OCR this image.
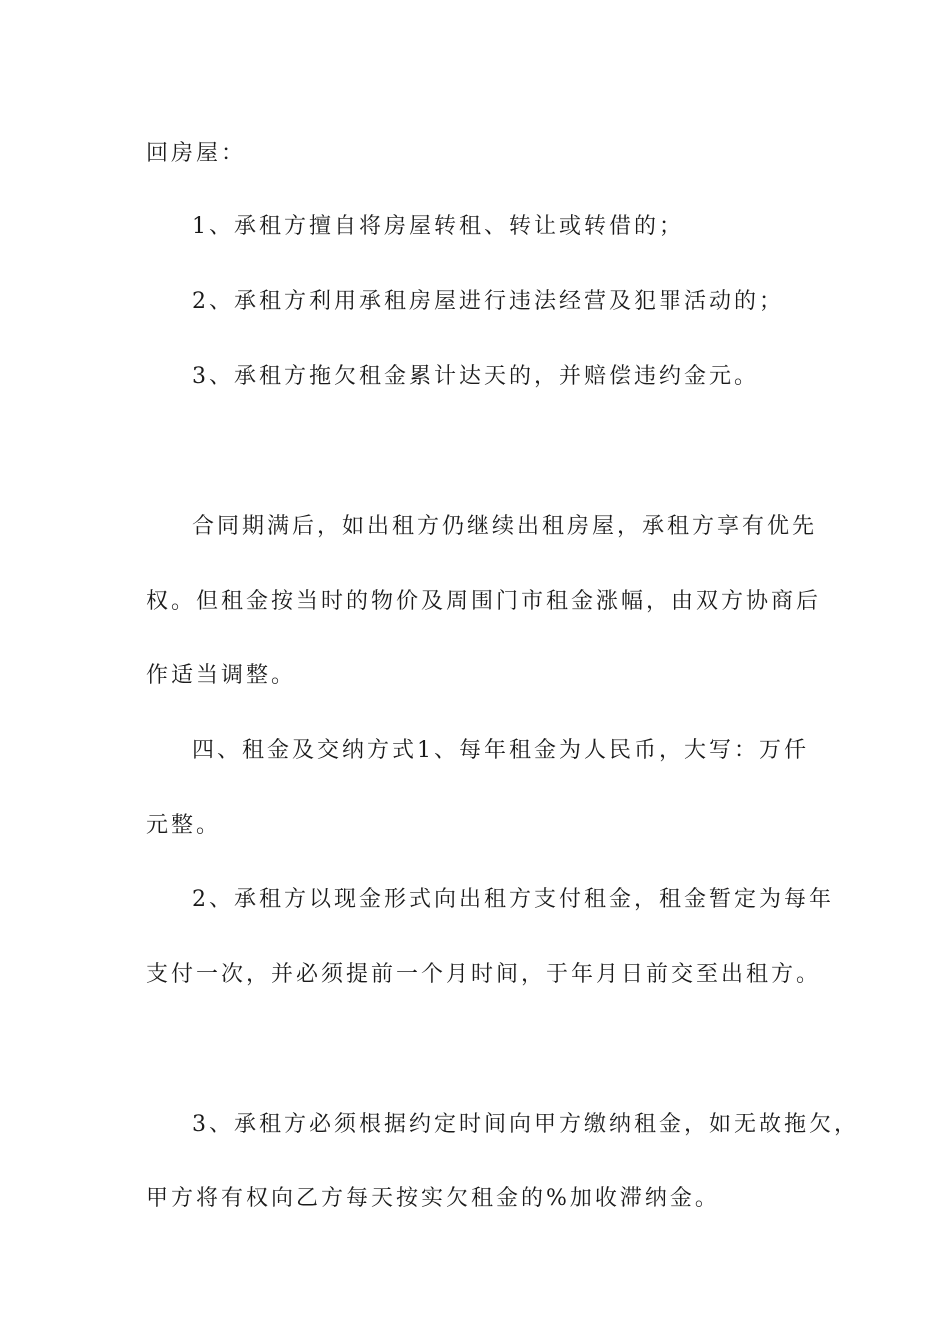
回房屋：
1、承租方擅自将房屋转租、转让或转借的；
2、承租方利用承租房屋进行违法经营及犯罪活动的；
3、承租方拖欠租金累计达天的，并赔偿违约金元。
合同期满后，如出租方仍继续出租房屋，承租方享有优先
权。但租金按当时的物价及周围门市租金涨幅，由双方协商后
作适当调整。
四、租金及交纳方式1、每年租金为人民币，大写：万仟
元整。
2、承租方以现金形式向出租方支付租金，租金暂定为每年
支付一次，并必须提前一个月时间，于年月日前交至出租方。
3、承租方必须根据约定时间向甲方缴纳租金，如无故拖欠，
甲方将有权向乙方每天按实欠租金的%加收滞纳金。
